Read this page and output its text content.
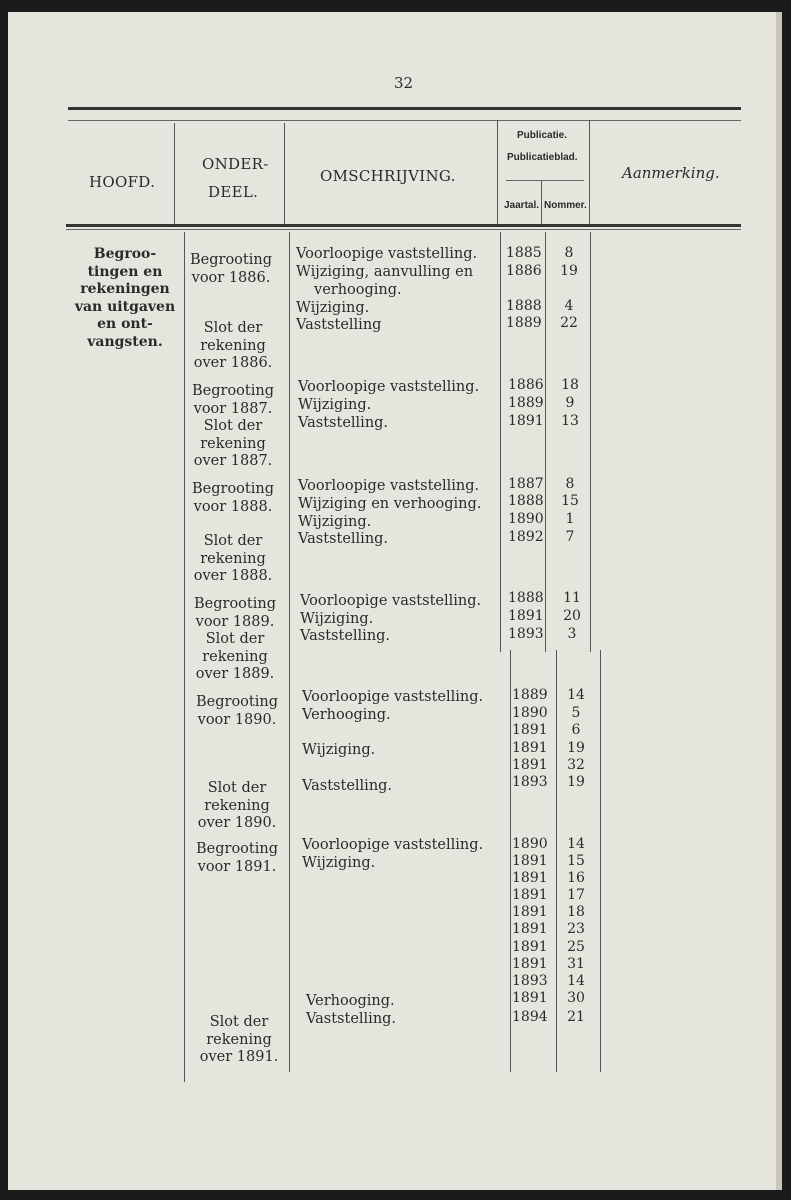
32
HOOFD.
ONDER-
DEEL.
OMSCHRIJVING.
Publicatie.
Publicatieblad.
Jaartal. Nommer.
Aanmerking.
Begroo-
tingen en
rekeningen
van uitgaven
en ont-
vangsten.
Begrooting
voor 1886.
Slot der
rekening
over 1886.
Begrooting
voor 1887.
Slot der
rekening
over 1887.
Begrooting
voor 1888.
Slot der
rekening
over 1888.
Begrooting
voor 1889.
Slot der
rekening
over 1889.
Begrooting
voor 1890.
Slot der
rekening
over 1890.
Begrooting
voor 1891.
Slot der
rekening
over 1891.
Voorloopige vaststelling.
Wijziging, aanvulling en
verhooging.
Wijziging.
Vaststelling
Voorloopige vaststelling.
Wijziging.
Vaststelling.
Voorloopige vaststelling.
Wijziging en verhooging.
Wijziging.
Vaststelling.
Voorloopige vaststelling.
Wijziging.
Vaststelling.
Voorloopige vaststelling.
Verhooging.
Wijziging.
Vaststelling.
Voorloopige vaststelling.
Wijziging.
Verhooging.
Vaststelling.
1885
1886
1888
1889
1886
1889
1891
1887
1888
1890
1892
1888
1891
1893
1889
1890
1891
1891
1891
1893
1890
1891
1891
1891
1891
1891
1891
1891
1893
1891
1894
8
19
4
22
18
9
13
8
15
1
7
11
20
3
14
5
6
19
32
19
14
15
16
17
18
23
25
31
14
30
21
